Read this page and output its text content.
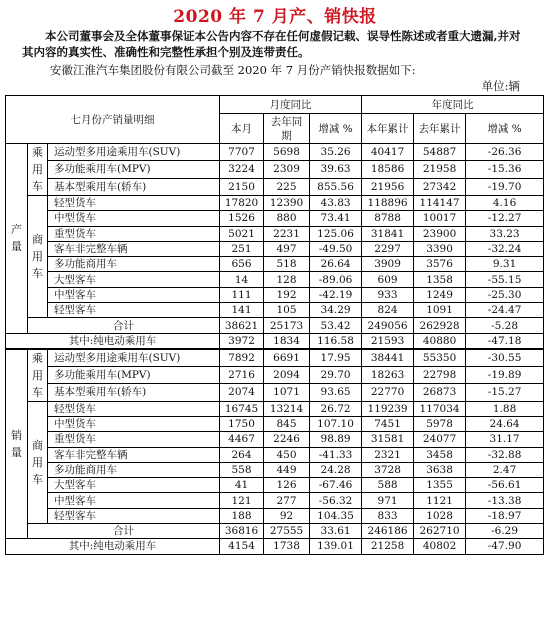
2020 年 7 月产、销快报
本公司董事会及全体董事保证本公告内容不存在任何虚假记载、误导性陈述或者重大遗漏,并对其内容的真实性、准确性和完整性承担个别及连带责任。
安徽江淮汽车集团股份有限公司截至 2020 年 7 月份产销快报数据如下:
单位:辆
七月份产销量明细			月度同比			年度同比		
			本月	去年同期	增减 %	本年累计	去年累计	增减 %
产量	乘用车	运动型多用途乘用车(SUV)	7707	5698	35.26	40417	54887	-26.36
		多功能乘用车(MPV)	3224	2309	39.63	18586	21958	-15.36
		基本型乘用车(轿车)	2150	225	855.56	21956	27342	-19.70
	商用车	轻型货车	17820	12390	43.83	118896	114147	4.16
		中型货车	1526	880	73.41	8788	10017	-12.27
		重型货车	5021	2231	125.06	31841	23900	33.23
		客车非完整车辆	251	497	-49.50	2297	3390	-32.24
		多功能商用车	656	518	26.64	3909	3576	9.31
		大型客车	14	128	-89.06	609	1358	-55.15
		中型客车	111	192	-42.19	933	1249	-25.30
		轻型客车	141	105	34.29	824	1091	-24.47
	合计		38621	25173	53.42	249056	262928	-5.28
其中:纯电动乘用车			3972	1834	116.58	21593	40880	-47.18
销量	乘用车	运动型多用途乘用车(SUV)	7892	6691	17.95	38441	55350	-30.55
		多功能乘用车(MPV)	2716	2094	29.70	18263	22798	-19.89
		基本型乘用车(轿车)	2074	1071	93.65	22770	26873	-15.27
	商用车	轻型货车	16745	13214	26.72	119239	117034	1.88
		中型货车	1750	845	107.10	7451	5978	24.64
		重型货车	4467	2246	98.89	31581	24077	31.17
		客车非完整车辆	264	450	-41.33	2321	3458	-32.88
		多功能商用车	558	449	24.28	3728	3638	2.47
		大型客车	41	126	-67.46	588	1355	-56.61
		中型客车	121	277	-56.32	971	1121	-13.38
		轻型客车	188	92	104.35	833	1028	-18.97
	合计		36816	27555	33.61	246186	262710	-6.29
其中:纯电动乘用车			4154	1738	139.01	21258	40802	-47.90
